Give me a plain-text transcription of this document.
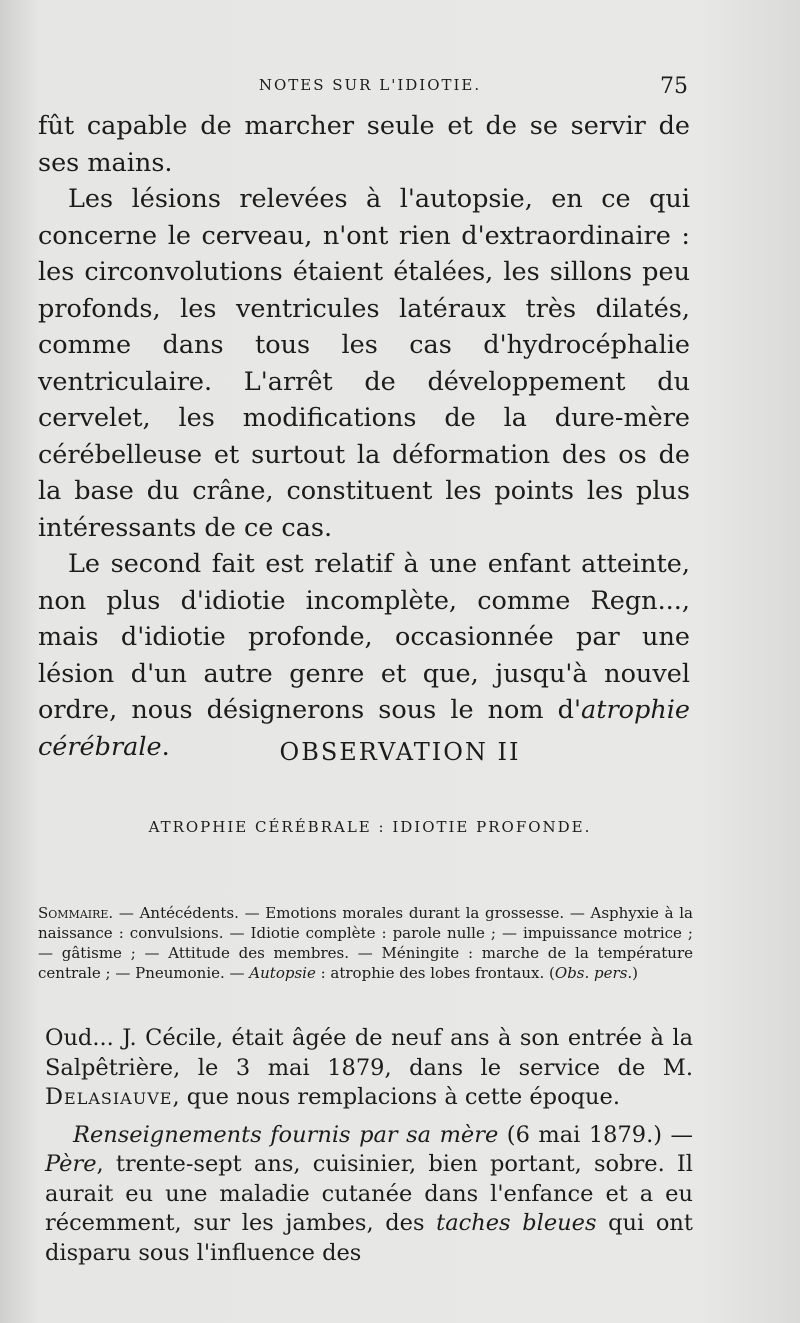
NOTES SUR L'IDIOTIE.	75

fût capable de marcher seule et de se servir de ses mains.

Les lésions relevées à l'autopsie, en ce qui concerne le cerveau, n'ont rien d'extraordinaire : les circonvolutions étaient étalées, les sillons peu profonds, les ventricules latéraux très dilatés, comme dans tous les cas d'hydrocéphalie ventriculaire. L'arrêt de développement du cervelet, les modifications de la dure-mère cérébelleuse et surtout la déformation des os de la base du crâne, constituent les points les plus intéressants de ce cas.

Le second fait est relatif à une enfant atteinte, non plus d'idiotie incomplète, comme Regn..., mais d'idiotie profonde, occasionnée par une lésion d'un autre genre et que, jusqu'à nouvel ordre, nous désignerons sous le nom d'atrophie cérébrale.	OBSERVATION II
ATROPHIE CÉRÉBRALE : IDIOTIE PROFONDE.
Sommaire. — Antécédents. — Emotions morales durant la grossesse. — Asphyxie à la naissance : convulsions. — Idiotie complète : parole nulle ; — impuissance motrice ; — gâtisme ; — Attitude des membres. — Méningite : marche de la température centrale ; — Pneumonie. — Autopsie : atrophie des lobes frontaux. (Obs. pers.)

Oud... J. Cécile, était âgée de neuf ans à son entrée à la Salpêtrière, le 3 mai 1879, dans le service de M. Delasiauve, que nous remplacions à cette époque.

Renseignements fournis par sa mère (6 mai 1879.) — Père, trente-sept ans, cuisinier, bien portant, sobre. Il aurait eu une maladie cutanée dans l'enfance et a eu récemment, sur les jambes, des taches bleues qui ont disparu sous l'influence des
